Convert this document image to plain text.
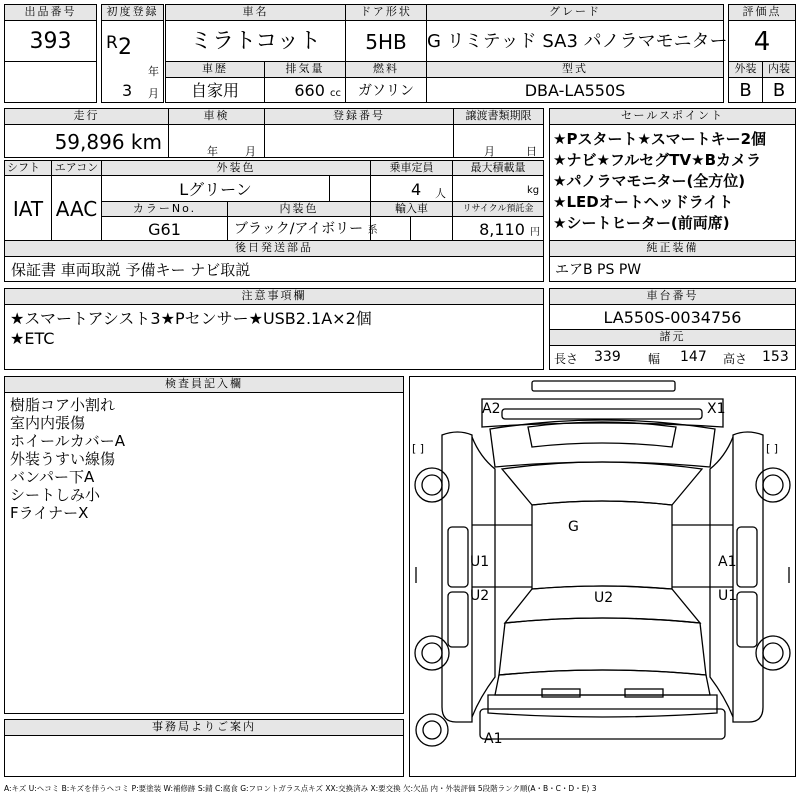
出品番号
393
初度登録
R 2
年
3 月
車名
ミラトコット
ドア形状
5HB
グレード
G リミテッド SA3 パノラマモニター
評価点
4
車歴
自家用
排気量
660 cc
燃料
ガソリン
型式
DBA-LA550S
外装	内装
B	B
走行
59,896 km
車検
年 月
登録番号	譲渡書類期限
月	日
セールスポイント
★Pスタート★スマートキー2個
★ナビ★フルセグTV★Bカメラ
★パノラマモニター(全方位)
★LEDオートヘッドライト
★シートヒーター(前両席)
シフト
IAT
エアコン
AAC
外装色
Lグリーン
乗車定員
4 人
最大積載量
kg
カラーNo.
G61
内装色
ブラック/アイボリー 系
輸入車	リサイクル預託金
8,110 円
後日発送部品
保証書 車両取説 予備キー ナビ取説
純正装備
エアB PS PW
注意事項欄
★スマートアシスト3★Pセンサー★USB2.1A×2個
★ETC
車台番号
LA550S-0034756
諸元
長さ 339 幅 147 高さ 153
検査員記入欄
樹脂コア小割れ
室内内張傷
ホイールカバーA
外装うすい線傷
バンパー下A
シートしみ小
FライナーX
事務局よりご案内
A2	X1
G
U1	A1
U2	U2	U1
A1
[ ]	[ ]
A:キズ U:ヘコミ B:キズを伴うヘコミ P:要塗装 W:補修跡 S:錆 C:腐食 G:フロントガラス点キズ XX:交換済み X:要交換 欠:欠品 内・外装評価 5段階ランク順(A・B・C・D・E) 3
